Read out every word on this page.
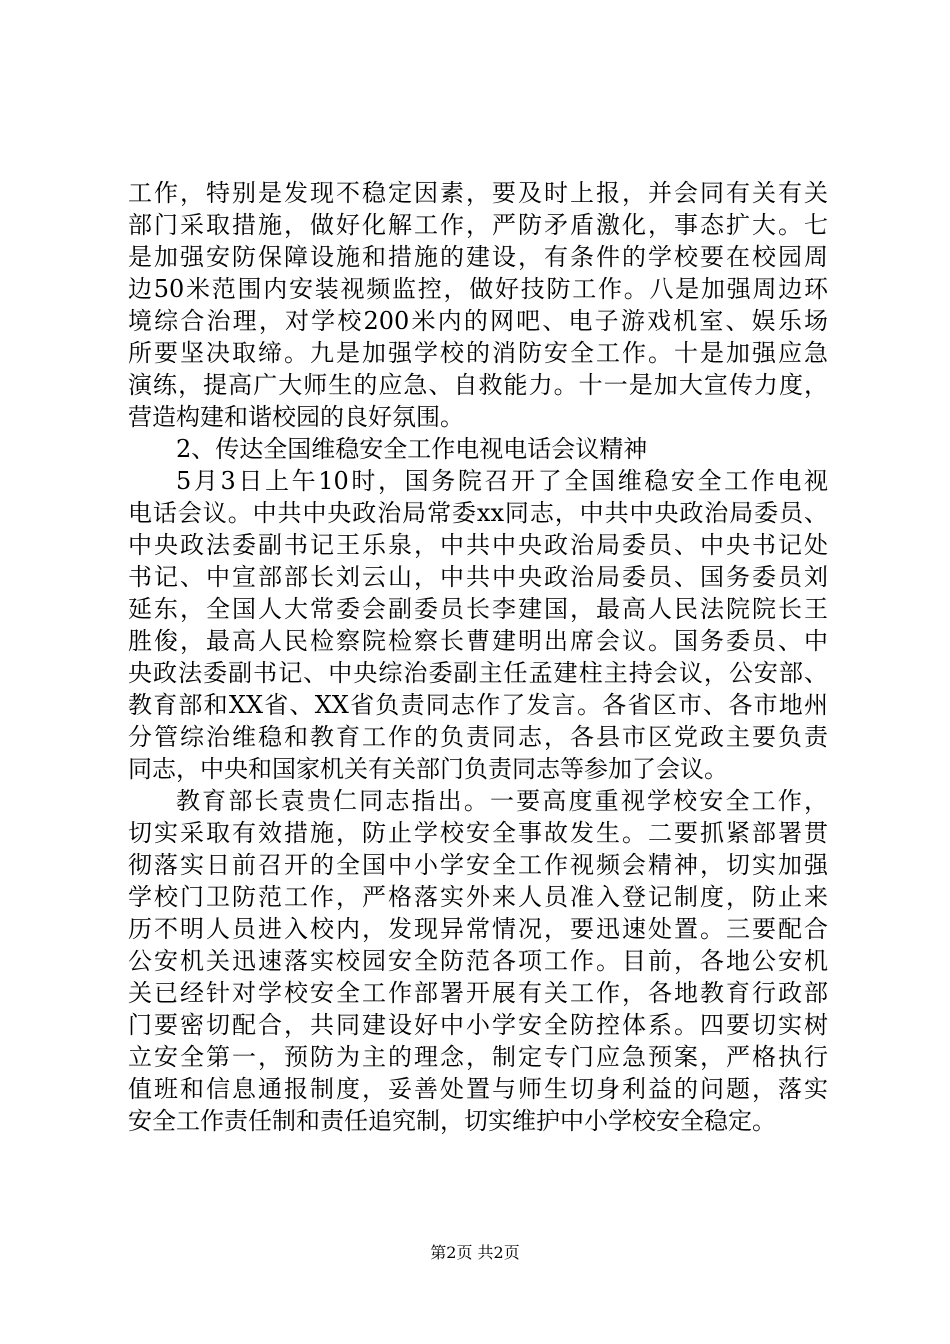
工作，特别是发现不稳定因素，要及时上报，并会同有关有关
部门采取措施，做好化解工作，严防矛盾激化，事态扩大。七
是加强安防保障设施和措施的建设，有条件的学校要在校园周
边50米范围内安装视频监控，做好技防工作。八是加强周边环
境综合治理，对学校200米内的网吧、电子游戏机室、娱乐场
所要坚决取缔。九是加强学校的消防安全工作。十是加强应急
演练，提高广大师生的应急、自救能力。十一是加大宣传力度，
营造构建和谐校园的良好氛围。
2、传达全国维稳安全工作电视电话会议精神
5月3日上午10时，国务院召开了全国维稳安全工作电视
电话会议。中共中央政治局常委xx同志，中共中央政治局委员、
中央政法委副书记王乐泉，中共中央政治局委员、中央书记处
书记、中宣部部长刘云山，中共中央政治局委员、国务委员刘
延东，全国人大常委会副委员长李建国，最高人民法院院长王
胜俊，最高人民检察院检察长曹建明出席会议。国务委员、中
央政法委副书记、中央综治委副主任孟建柱主持会议，公安部、
教育部和XX省、XX省负责同志作了发言。各省区市、各市地州
分管综治维稳和教育工作的负责同志，各县市区党政主要负责
同志，中央和国家机关有关部门负责同志等参加了会议。
教育部长袁贵仁同志指出。一要高度重视学校安全工作，
切实采取有效措施，防止学校安全事故发生。二要抓紧部署贯
彻落实日前召开的全国中小学安全工作视频会精神，切实加强
学校门卫防范工作，严格落实外来人员准入登记制度，防止来
历不明人员进入校内，发现异常情况，要迅速处置。三要配合
公安机关迅速落实校园安全防范各项工作。目前，各地公安机
关已经针对学校安全工作部署开展有关工作，各地教育行政部
门要密切配合，共同建设好中小学安全防控体系。四要切实树
立安全第一，预防为主的理念，制定专门应急预案，严格执行
值班和信息通报制度，妥善处置与师生切身利益的问题，落实
安全工作责任制和责任追究制，切实维护中小学校安全稳定。
第2页 共2页
